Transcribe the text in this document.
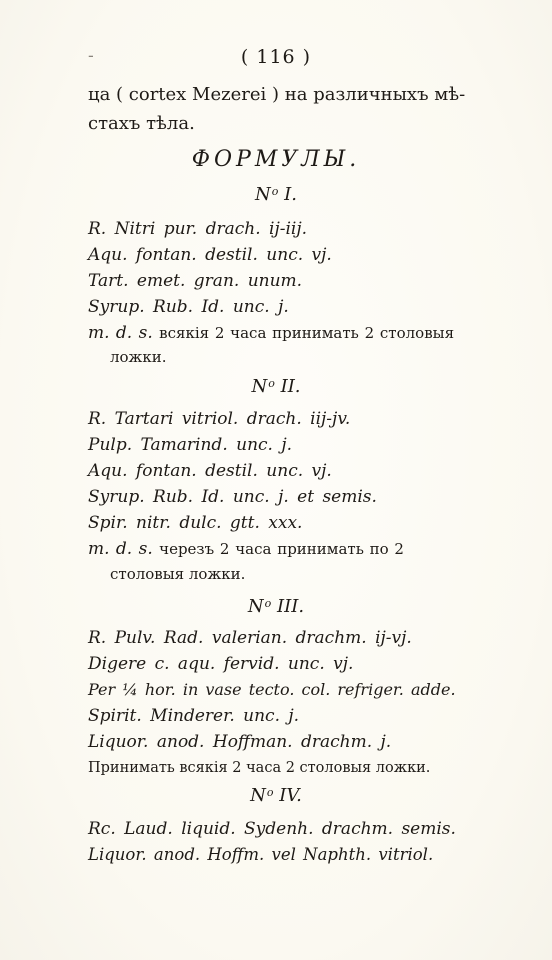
-	( 116 )
ца ( cortex Mezerei ) на различныхъ мѣ-
стахъ тѣла.
ФОРМУЛЫ.
$N^o$ I.
R. Nitri pur. drach. ij-iij.
Aqu. fontan. destil. unc. vj.
Tart. emet. gran. unum.
Syrup. Rub. Id. unc. j.
m. d. s. всякія 2 часа принимать 2 столовыя
ложки.
$N^o$ II.
R. Tartari vitriol. drach. iij-jv.
Pulp. Tamarind. unc. j.
Aqu. fontan. destil. unc. vj.
Syrup. Rub. Id. unc. j. et semis.
Spir. nitr. dulc. gtt. xxx.
m. d. s. черезъ 2 часа принимать по 2
столовыя ложки.
$N^o$ III.
R. Pulv. Rad. valerian. drachm. ij-vj.
Digere c. aqu. fervid. unc. vj.
Per ¼ hor. in vase tecto. col. refriger. adde.
Spirit. Minderer. unc. j.
Liquor. anod. Hoffman. drachm. j.
Принимать всякія 2 часа 2 столовыя ложки.
$N^o$ IV.
Rc. Laud. liquid. Sydenh. drachm. semis.
Liquor. anod. Hoffm. vel Naphth. vitriol.
